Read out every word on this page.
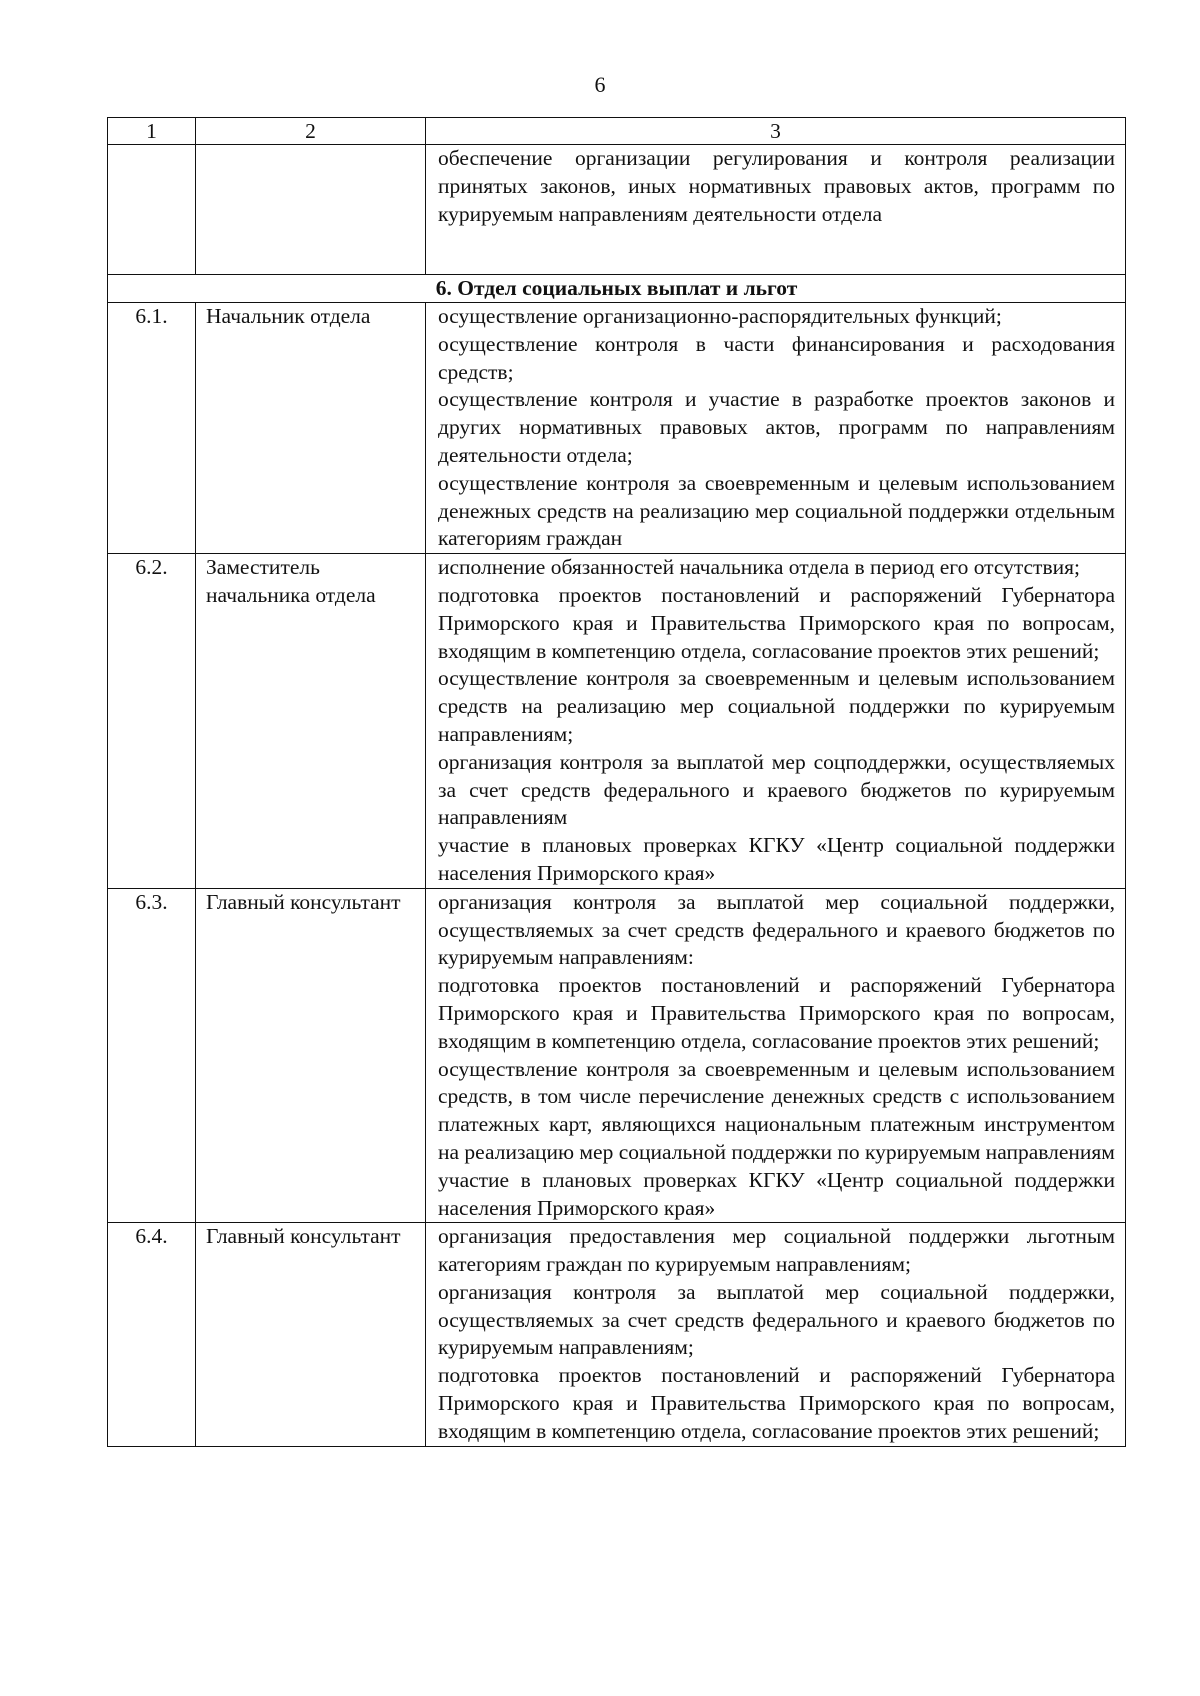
6
1	2	3

		обеспечение организации регулирования и контроля реализации принятых законов, иных нормативных правовых актов, программ по курируемым направлениям деятельности отдела

6. Отдел социальных выплат и льгот		
6.1.	Начальник отдела	осуществление организационно-распорядительных функций;
осуществление контроля в части финансирования и расходования средств;
осуществление контроля и участие в разработке проектов законов и других нормативных правовых актов, программ по направлениям деятельности отдела;
осуществление контроля за своевременным и целевым использованием денежных средств на реализацию мер социальной поддержки отдельным категориям граждан

6.2.	Заместитель начальника отдела	исполнение обязанностей начальника отдела в период его отсутствия;
подготовка проектов постановлений и распоряжений Губернатора Приморского края и Правительства Приморского края по вопросам, входящим в компетенцию отдела, согласование проектов этих решений;
осуществление контроля за своевременным и целевым использованием средств на реализацию мер социальной поддержки по курируемым направлениям;
организация контроля за выплатой мер соцподдержки, осуществляемых за счет средств федерального и краевого бюджетов по курируемым направлениям
участие в плановых проверках КГКУ «Центр социальной поддержки населения Приморского края»

6.3.	Главный консультант	организация контроля за выплатой мер социальной поддержки, осуществляемых за счет средств федерального и краевого бюджетов по курируемым направлениям:
подготовка проектов постановлений и распоряжений Губернатора Приморского края и Правительства Приморского края по вопросам, входящим в компетенцию отдела, согласование проектов этих решений;
осуществление контроля за своевременным и целевым использованием средств, в том числе перечисление денежных средств с использованием платежных карт, являющихся национальным платежным инструментом на реализацию мер социальной поддержки по курируемым направлениям
участие в плановых проверках КГКУ «Центр социальной поддержки населения Приморского края»

6.4.	Главный консультант	организация предоставления мер социальной поддержки льготным категориям граждан по курируемым направлениям;
организация контроля за выплатой мер социальной поддержки, осуществляемых за счет средств федерального и краевого бюджетов по курируемым направлениям;
подготовка проектов постановлений и распоряжений Губернатора Приморского края и Правительства Приморского края по вопросам, входящим в компетенцию отдела, согласование проектов этих решений;
